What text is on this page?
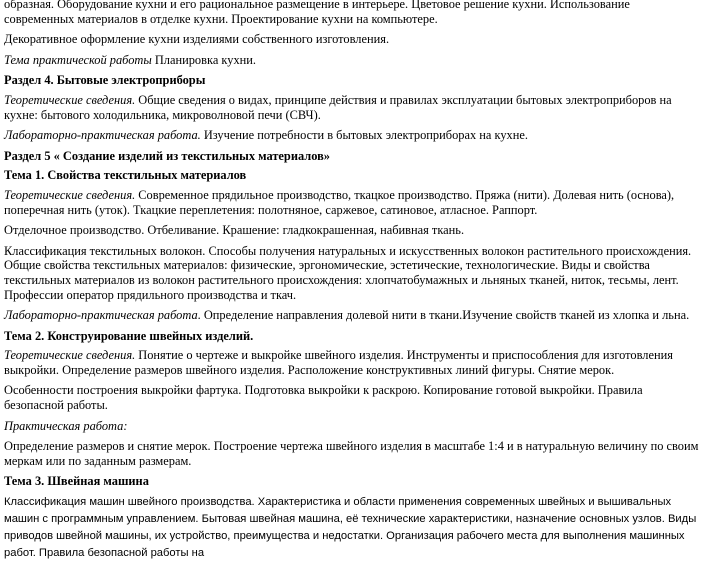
образная. Оборудование кухни и его рациональное размещение в интерьере. Цветовое решение кухни. Использование современных материалов в отделке кухни. Проектирование кухни на компьютере.

Декоративное оформление кухни изделиями собственного изготовления.

Тема практической работы Планировка кухни.

Раздел 4. Бытовые электроприборы

Теоретические сведения. Общие сведения о видах, принципе действия и правилах эксплуатации бытовых электроприборов на кухне: бытового холодильника, микроволновой печи (СВЧ).

Лабораторно-практическая работа. Изучение потребности в бытовых электроприборах на кухне.

Раздел 5 « Создание изделий из текстильных материалов»

Тема 1. Свойства текстильных материалов

Теоретические сведения. Современное прядильное производство, ткацкое производство. Пряжа (нити). Долевая нить (основа), поперечная нить (уток). Ткацкие переплетения: полотняное, саржевое, сатиновое, атласное. Раппорт.

Отделочное производство. Отбеливание. Крашение: гладкокрашенная, набивная ткань.

Классификация текстильных волокон. Способы получения натуральных и искусственных волокон растительного происхождения. Общие свойства текстильных материалов: физические, эргономические, эстетические, технологические. Виды и свойства текстильных материалов из волокон растительного происхождения: хлопчатобумажных и льняных тканей, ниток, тесьмы, лент. Профессии оператор прядильного производства и ткач.

Лабораторно-практическая работа. Определение направления долевой нити в ткани.Изучение свойств тканей из хлопка и льна.

Тема 2. Конструирование швейных изделий.

Теоретические сведения. Понятие о чертеже и выкройке швейного изделия. Инструменты и приспособления для изготовления выкройки. Определение размеров швейного изделия. Расположение конструктивных линий фигуры. Снятие мерок.

Особенности построения выкройки фартука. Подготовка выкройки к раскрою. Копирование готовой выкройки. Правила безопасной работы.

Практическая работа:

Определение размеров и снятие мерок. Построение чертежа швейного изделия в масштабе 1:4 и в натуральную величину по своим меркам или по заданным размерам.

Тема 3. Швейная машина

Классификация машин швейного производства. Характеристика и области применения современных швейных и вышивальных машин с программным управлением. Бытовая швейная машина, её технические характеристики, назначение основных узлов. Виды приводов швейной машины, их устройство, преимущества и недостатки. Организация рабочего места для выполнения машинных работ. Правила безопасной работы на
